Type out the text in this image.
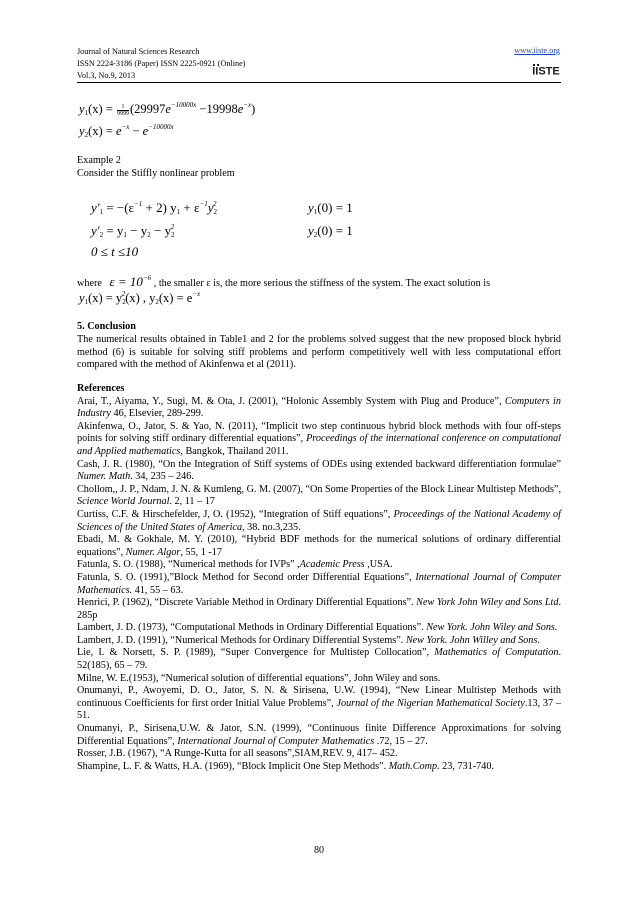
Journal of Natural Sciences Research
ISSN 2224-3186 (Paper) ISSN 2225-0921 (Online)
Vol.3, No.9, 2013
www.iiste.org
IISTE
$y_1(x) = \frac{1}{9999} (29997e^{-10000x} -19998e^{-x})$
$y_2(x) = e^{-x} - e^{-10000x}$
Example 2
Consider the Stiffly nonlinear problem
$y'_1 = -(\varepsilon^{-1} + 2) y_1 + \varepsilon^{-1}y_2^2$	$y_1(0) = 1$
$y'_2 = y_1 - y_2 - y_2^2$	$y_2(0) = 1$
0 ≤ t ≤10
where $\varepsilon = 10^{-6}$ , the smaller ε is, the more serious the stiffness of the system. The exact solution is
$y_1(x) = y_2^2(x)$ , $y_2(x) = e^{-x}$
5. Conclusion
The numerical results obtained in Table1 and 2 for the problems solved suggest that the new proposed block hybrid method (6) is suitable for solving stiff problems and perform competitively well with less computational effort compared with the method of Akinfenwa et al (2011).
References

Arai, T., Aiyama, Y., Sugi, M. & Ota, J. (2001), “Holonic Assembly System with Plug and Produce”, Computers in Industry 46, Elsevier, 289-299.

Akinfenwa, O., Jator, S. & Yao, N. (2011), “Implicit two step continuous hybrid block methods with four off-steps points for solving stiff ordinary differential equations”, Proceedings of the international conference on computational and Applied mathematics, Bangkok, Thailand 2011.

Cash, J. R. (1980), “On the Integration of Stiff systems of ODEs using extended backward differentiation formulae” Numer. Math. 34, 235 – 246.

Chollom,, J. P., Ndam, J. N. & Kumleng, G. M. (2007), “On Some Properties of the Block Linear Multistep Methods”, Science World Journal. 2, 11 – 17

Curtiss, C.F. & Hirschefelder, J, O. (1952), “Integration of Stiff equations”, Proceedings of the National Academy of Sciences of the United States of America, 38. no.3,235.

Ebadi, M. & Gokhale, M. Y. (2010), “Hybrid BDF methods for the numerical solutions of ordinary differential equations”, Numer. Algor, 55, 1 -17

Fatunla, S. O. (1988), “Numerical methods for IVPs” ,Academic Press ,USA.

Fatunla, S. O. (1991),”Block Method for Second order Differential Equations”, International Journal of Computer Mathematics. 41, 55 – 63.

Henrici, P. (1962), “Discrete Variable Method in Ordinary Differential Equations”. New York John Wiley and Sons Ltd. 285p

Lambert, J. D. (1973), “Computational Methods in Ordinary Differential Equations”. New York. John Wiley and Sons.

Lambert, J. D. (1991), “Numerical Methods for Ordinary Differential Systems”. New York. John Willey and Sons.

Lie, I. & Norsett, S. P. (1989), “Super Convergence for Multistep Collocation”, Mathematics of Computation. 52(185), 65 – 79.

Milne, W. E.(1953), “Numerical solution of differential equations”, John Wiley and sons.

Onumanyi, P., Awoyemi, D. O., Jator, S. N. & Sirisena, U.W. (1994), “New Linear Multistep Methods with continuous Coefficients for first order Initial Value Problems”, Journal of the Nigerian Mathematical Society.13, 37 – 51.

Onumanyi, P., Sirisena,U.W. & Jator, S.N. (1999), “Continuous finite Difference Approximations for solving Differential Equations”, International Journal of Computer Mathematics .72, 15 – 27.

Rosser, J.B. (1967), “A Runge-Kutta for all seasons”,SIAM,REV. 9, 417– 452.

Shampine, L. F. & Watts, H.A. (1969), “Block Implicit One Step Methods”. Math.Comp. 23, 731-740.

80
